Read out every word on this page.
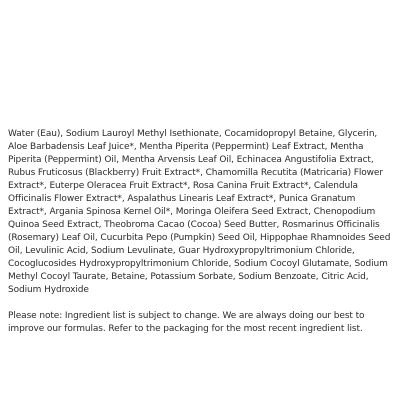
Water (Eau), Sodium Lauroyl Methyl Isethionate, Cocamidopropyl Betaine, Glycerin, Aloe Barbadensis Leaf Juice*, Mentha Piperita (Peppermint) Leaf Extract, Mentha Piperita (Peppermint) Oil, Mentha Arvensis Leaf Oil, Echinacea Angustifolia Extract, Rubus Fruticosus (Blackberry) Fruit Extract*, Chamomilla Recutita (Matricaria) Flower Extract*, Euterpe Oleracea Fruit Extract*, Rosa Canina Fruit Extract*, Calendula Officinalis Flower Extract*, Aspalathus Linearis Leaf Extract*, Punica Granatum Extract*, Argania Spinosa Kernel Oil*, Moringa Oleifera Seed Extract, Chenopodium Quinoa Seed Extract, Theobroma Cacao (Cocoa) Seed Butter, Rosmarinus Officinalis (Rosemary) Leaf Oil, Cucurbita Pepo (Pumpkin) Seed Oil, Hippophae Rhamnoides Seed Oil, Levulinic Acid, Sodium Levulinate, Guar Hydroxypropyltrimonium Chloride, Cocoglucosides Hydroxypropyltrimonium Chloride, Sodium Cocoyl Glutamate, Sodium Methyl Cocoyl Taurate, Betaine, Potassium Sorbate, Sodium Benzoate, Citric Acid, Sodium Hydroxide

Please note: Ingredient list is subject to change. We are always doing our best to improve our formulas. Refer to the packaging for the most recent ingredient list.
